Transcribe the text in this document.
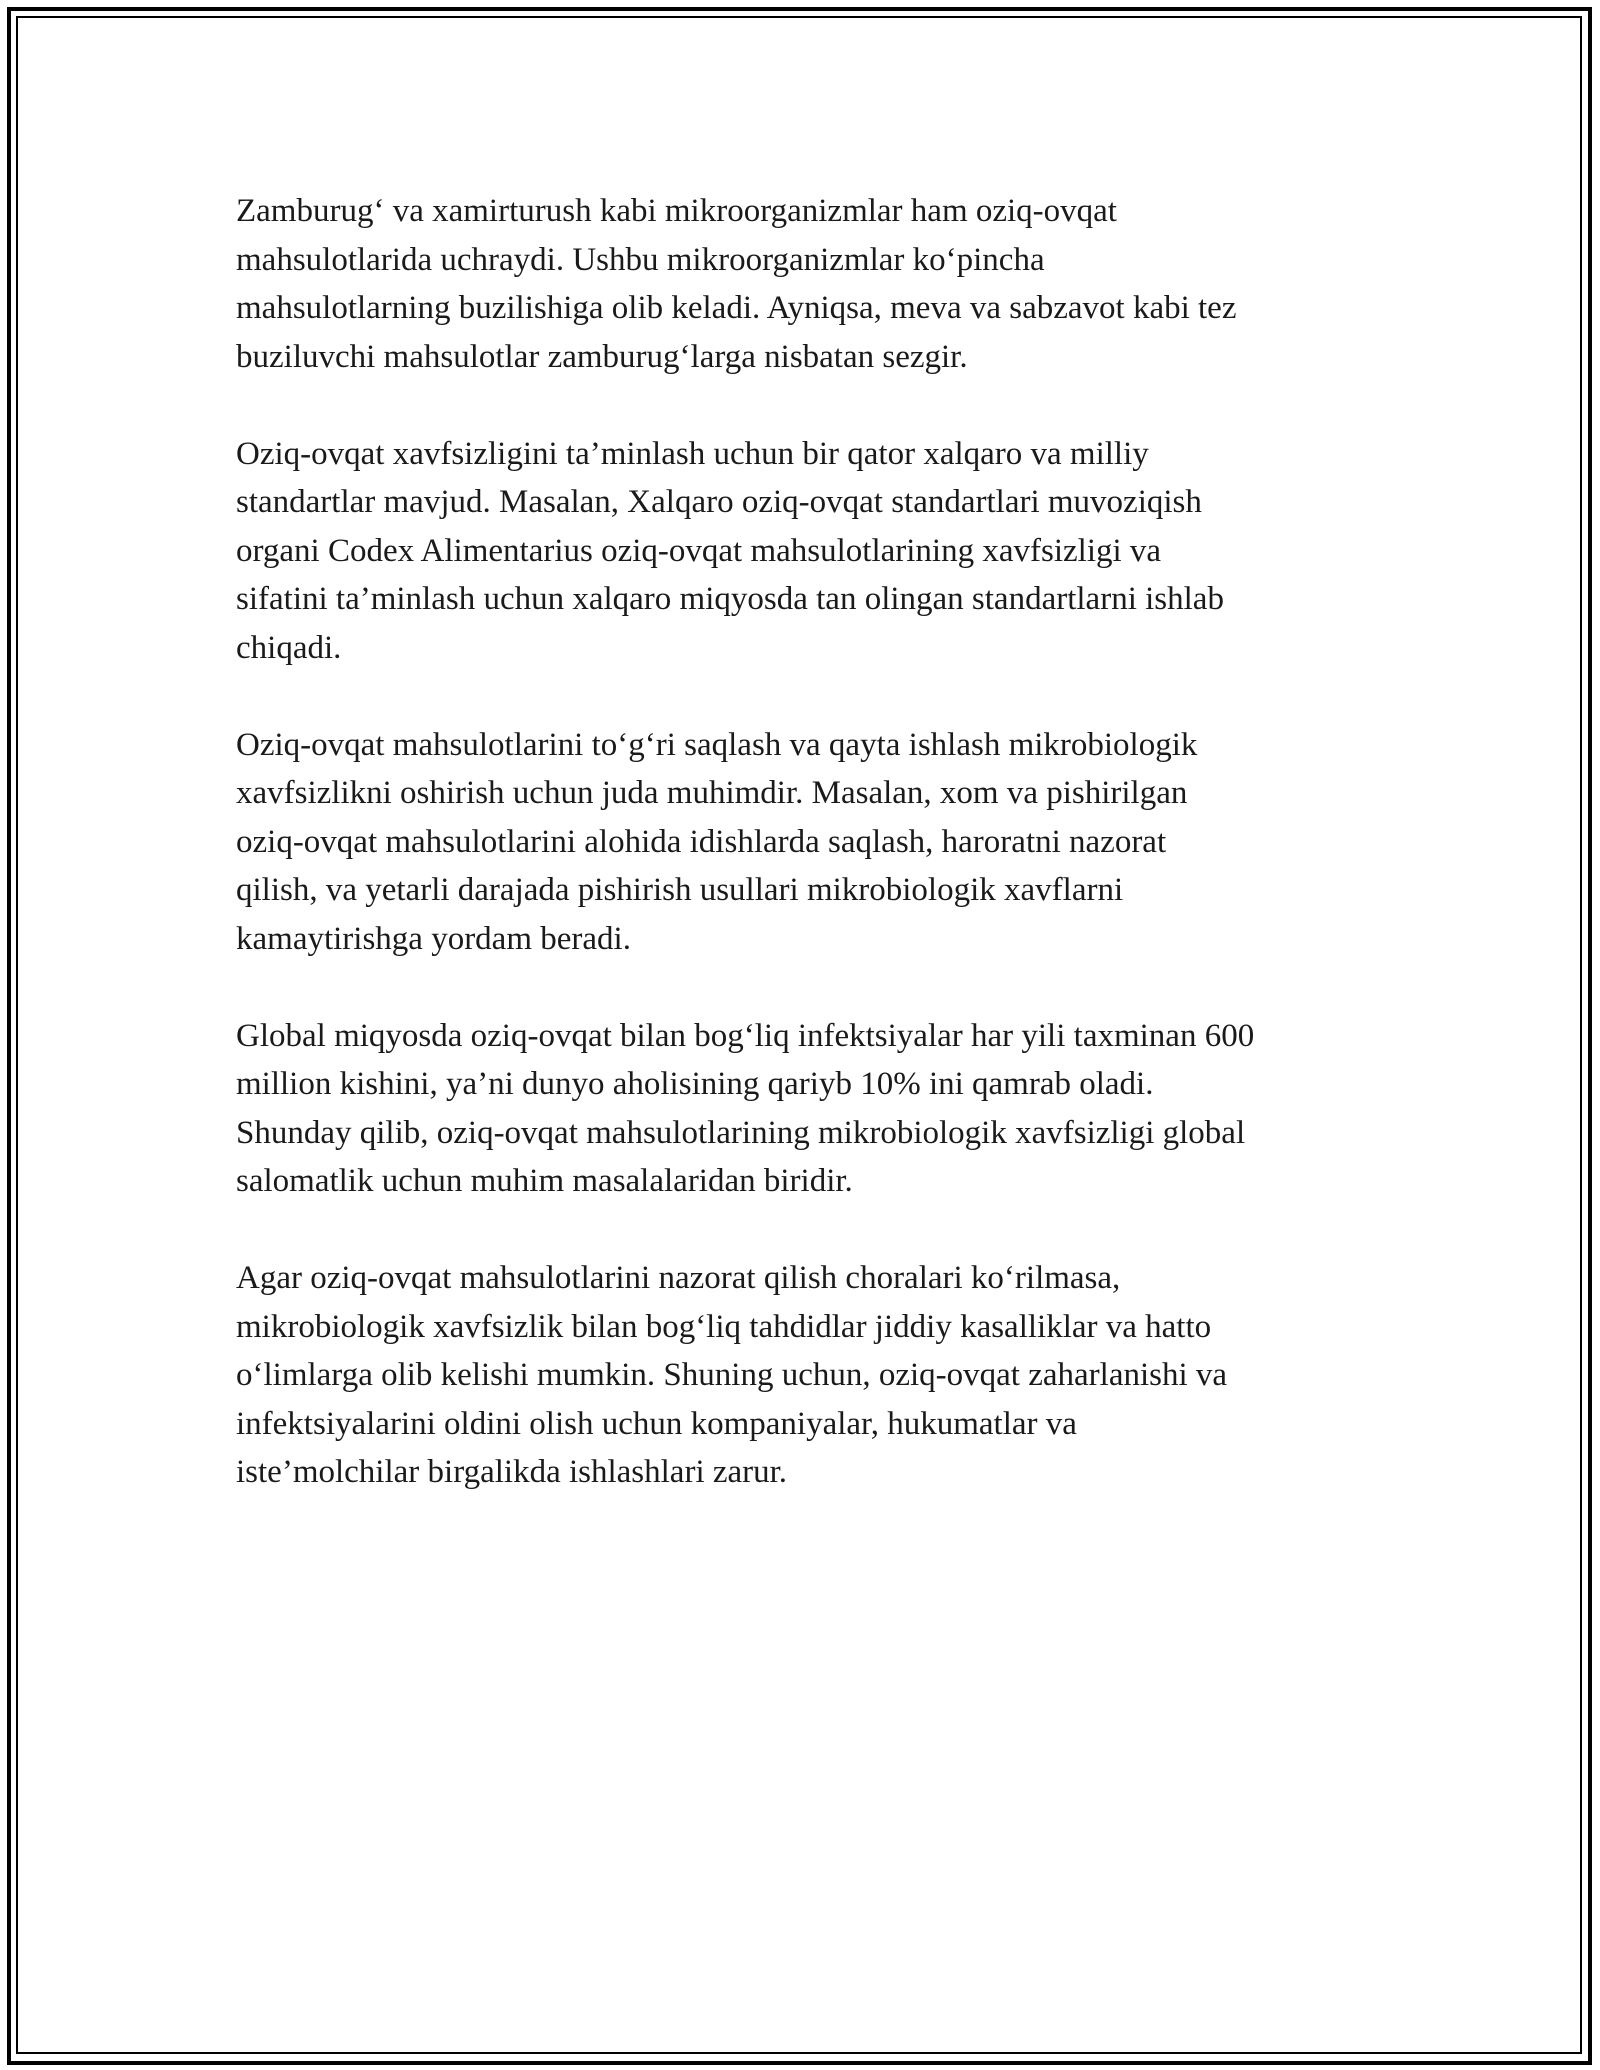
Zamburug‘ va xamirturush kabi mikroorganizmlar ham oziq-ovqat
mahsulotlarida uchraydi. Ushbu mikroorganizmlar ko‘pincha
mahsulotlarning buzilishiga olib keladi. Ayniqsa, meva va sabzavot kabi tez
buziluvchi mahsulotlar zamburug‘larga nisbatan sezgir.

Oziq-ovqat xavfsizligini ta’minlash uchun bir qator xalqaro va milliy
standartlar mavjud. Masalan, Xalqaro oziq-ovqat standartlari muvoziqish
organi Codex Alimentarius oziq-ovqat mahsulotlarining xavfsizligi va
sifatini ta’minlash uchun xalqaro miqyosda tan olingan standartlarni ishlab
chiqadi.

Oziq-ovqat mahsulotlarini to‘g‘ri saqlash va qayta ishlash mikrobiologik
xavfsizlikni oshirish uchun juda muhimdir. Masalan, xom va pishirilgan
oziq-ovqat mahsulotlarini alohida idishlarda saqlash, haroratni nazorat
qilish, va yetarli darajada pishirish usullari mikrobiologik xavflarni
kamaytirishga yordam beradi.

Global miqyosda oziq-ovqat bilan bog‘liq infektsiyalar har yili taxminan 600
million kishini, ya’ni dunyo aholisining qariyb 10% ini qamrab oladi.
Shunday qilib, oziq-ovqat mahsulotlarining mikrobiologik xavfsizligi global
salomatlik uchun muhim masalalaridan biridir.

Agar oziq-ovqat mahsulotlarini nazorat qilish choralari ko‘rilmasa,
mikrobiologik xavfsizlik bilan bog‘liq tahdidlar jiddiy kasalliklar va hatto
o‘limlarga olib kelishi mumkin. Shuning uchun, oziq-ovqat zaharlanishi va
infektsiyalarini oldini olish uchun kompaniyalar, hukumatlar va
iste’molchilar birgalikda ishlashlari zarur.
